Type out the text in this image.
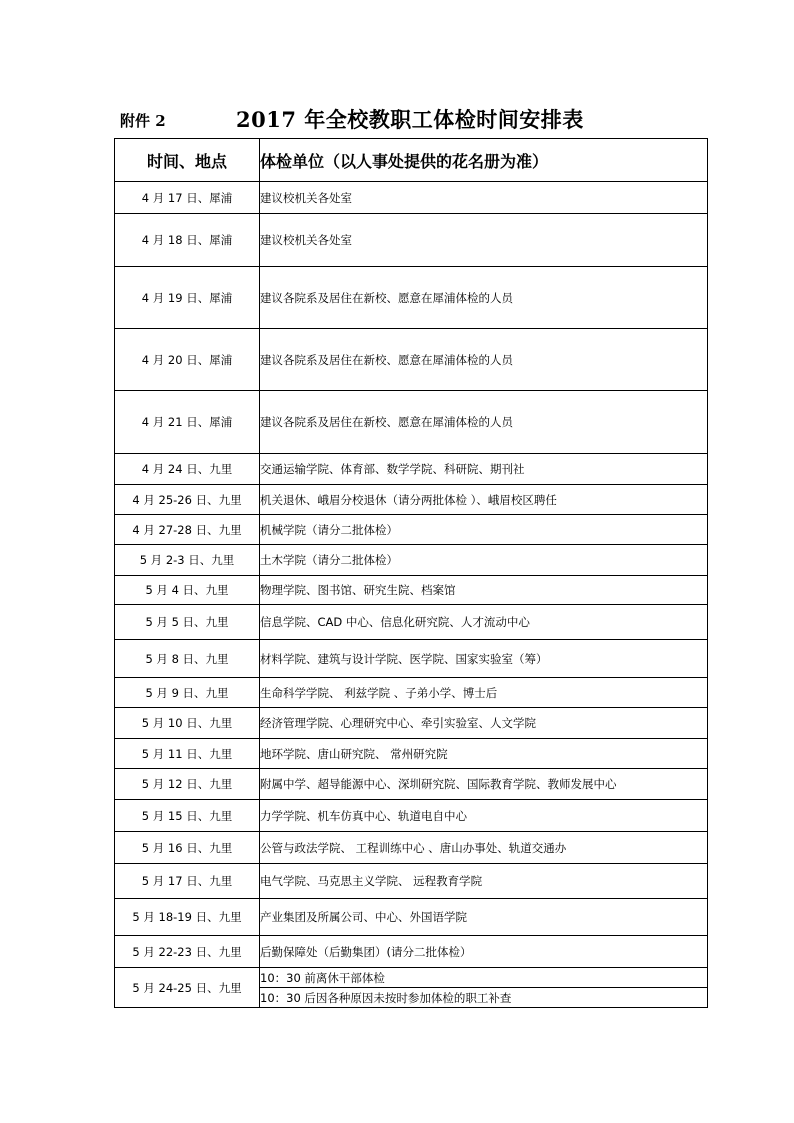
附件 2	2017 年全校教职工体检时间安排表
时间、地点	体检单位（以人事处提供的花名册为准）
4 月 17 日、犀浦	建议校机关各处室
4 月 18 日、犀浦	建议校机关各处室
4 月 19 日、犀浦	建议各院系及居住在新校、愿意在犀浦体检的人员
4 月 20 日、犀浦	建议各院系及居住在新校、愿意在犀浦体检的人员
4 月 21 日、犀浦	建议各院系及居住在新校、愿意在犀浦体检的人员
4 月 24 日、九里	交通运输学院、体育部、数学学院、科研院、期刊社
4 月 25-26 日、九里	机关退休、峨眉分校退休（请分两批体检 ）、峨眉校区聘任
4 月 27-28 日、九里	机械学院（请分二批体检）
5 月 2-3 日、九里	土木学院（请分二批体检）
5 月 4 日、九里	物理学院、图书馆、研究生院、档案馆
5 月 5 日、九里	信息学院、CAD 中心、信息化研究院、人才流动中心
5 月 8 日、九里	材料学院、建筑与设计学院、医学院、国家实验室（筹）
5 月 9 日、九里	生命科学学院、 利兹学院 、子弟小学、博士后
5 月 10 日、九里	经济管理学院、心理研究中心、牵引实验室、人文学院
5 月 11 日、九里	地环学院、唐山研究院、 常州研究院
5 月 12 日、九里	附属中学、超导能源中心、深圳研究院、国际教育学院、教师发展中心
5 月 15 日、九里	力学学院、机车仿真中心、轨道电自中心
5 月 16 日、九里	公管与政法学院、 工程训练中心 、唐山办事处、轨道交通办
5 月 17 日、九里	电气学院、马克思主义学院、 远程教育学院
5 月 18-19 日、九里	产业集团及所属公司、中心、外国语学院
5 月 22-23 日、九里	后勤保障处（后勤集团）(请分二批体检）
5 月 24-25 日、九里	10：30 前离休干部体检
	10：30 后因各种原因未按时参加体检的职工补查
